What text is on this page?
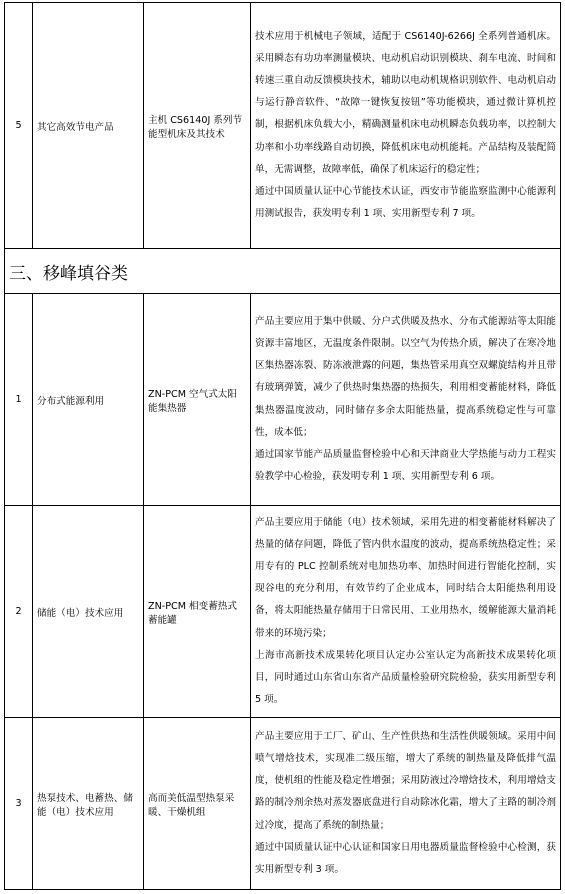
5	其它高效节电产品	主机 CS6140J 系列节能型机床及其技术	技术应用于机械电子领域，适配于 CS6140J-6266J 全系列普通机床。采用瞬态有功功率测量模块、电动机启动识别模块、刹车电流、时间和转速三重自动反馈模块技术，辅助以电动机规格识别软件、电动机启动与运行静音软件、“故障一键恢复按钮”等功能模块，通过微计算机控制，根据机床负载大小，精确测量机床电动机瞬态负载功率，以控制大功率和小功率线路自动切换，降低机床电动机能耗。产品结构及装配简单，无需调整，故障率低，确保了机床运行的稳定性；
通过中国质量认证中心节能技术认证，西安市节能监察监测中心能源利用测试报告，获发明专利 1 项、实用新型专利 7 项。

三、移峰填谷类			
1	分布式能源利用	ZN-PCM 空气式太阳能集热器	产品主要应用于集中供暖、分户式供暖及热水、分布式能源站等太阳能资源丰富地区，无温度条件限制。以空气为传热介质，解决了在寒冷地区集热器冻裂、防冻液泄露的问题，集热管采用真空双螺旋结构并且带有玻璃弹簧，减少了供热时集热器的热损失，利用相变蓄能材料，降低集热器温度波动，同时储存多余太阳能热量，提高系统稳定性与可靠性，成本低；
通过国家节能产品质量监督检验中心和天津商业大学热能与动力工程实验教学中心检验，获发明专利 1 项、实用新型专利 6 项。

2	储能（电）技术应用	ZN-PCM 相变蓄热式蓄能罐	产品主要应用于储能（电）技术领域，采用先进的相变蓄能材料解决了热量的储存问题，降低了管内供水温度的波动，提高系统热稳定性；采用专有的 PLC 控制系统对电加热功率、加热时间进行智能化控制，实现谷电的充分利用，有效节约了企业成本，同时结合太阳能热利用设备，将太阳能热量存储用于日常民用、工业用热水，缓解能源大量消耗带来的环境污染；
上海市高新技术成果转化项目认定办公室认定为高新技术成果转化项目，同时通过山东省山东省产品质量检验研究院检验，获实用新型专利 5 项。

3	热泵技术、电蓄热、储能（电）技术应用	高而美低温型热泵采暖、干燥机组	产品主要应用于工厂、矿山、生产性供热和生活性供暖领域。采用中间喷气增焓技术，实现准二级压缩，增大了系统的制热量及降低排气温度，使机组的性能及稳定性增强；采用防液过冷增焓技术，利用增焓支路的制冷剂余热对蒸发器底盘进行自动除冰化霜，增大了主路的制冷剂过冷度，提高了系统的制热量；
通过中国质量认证中心认证和国家日用电器质量监督检验中心检测，获实用新型专利 3 项。
